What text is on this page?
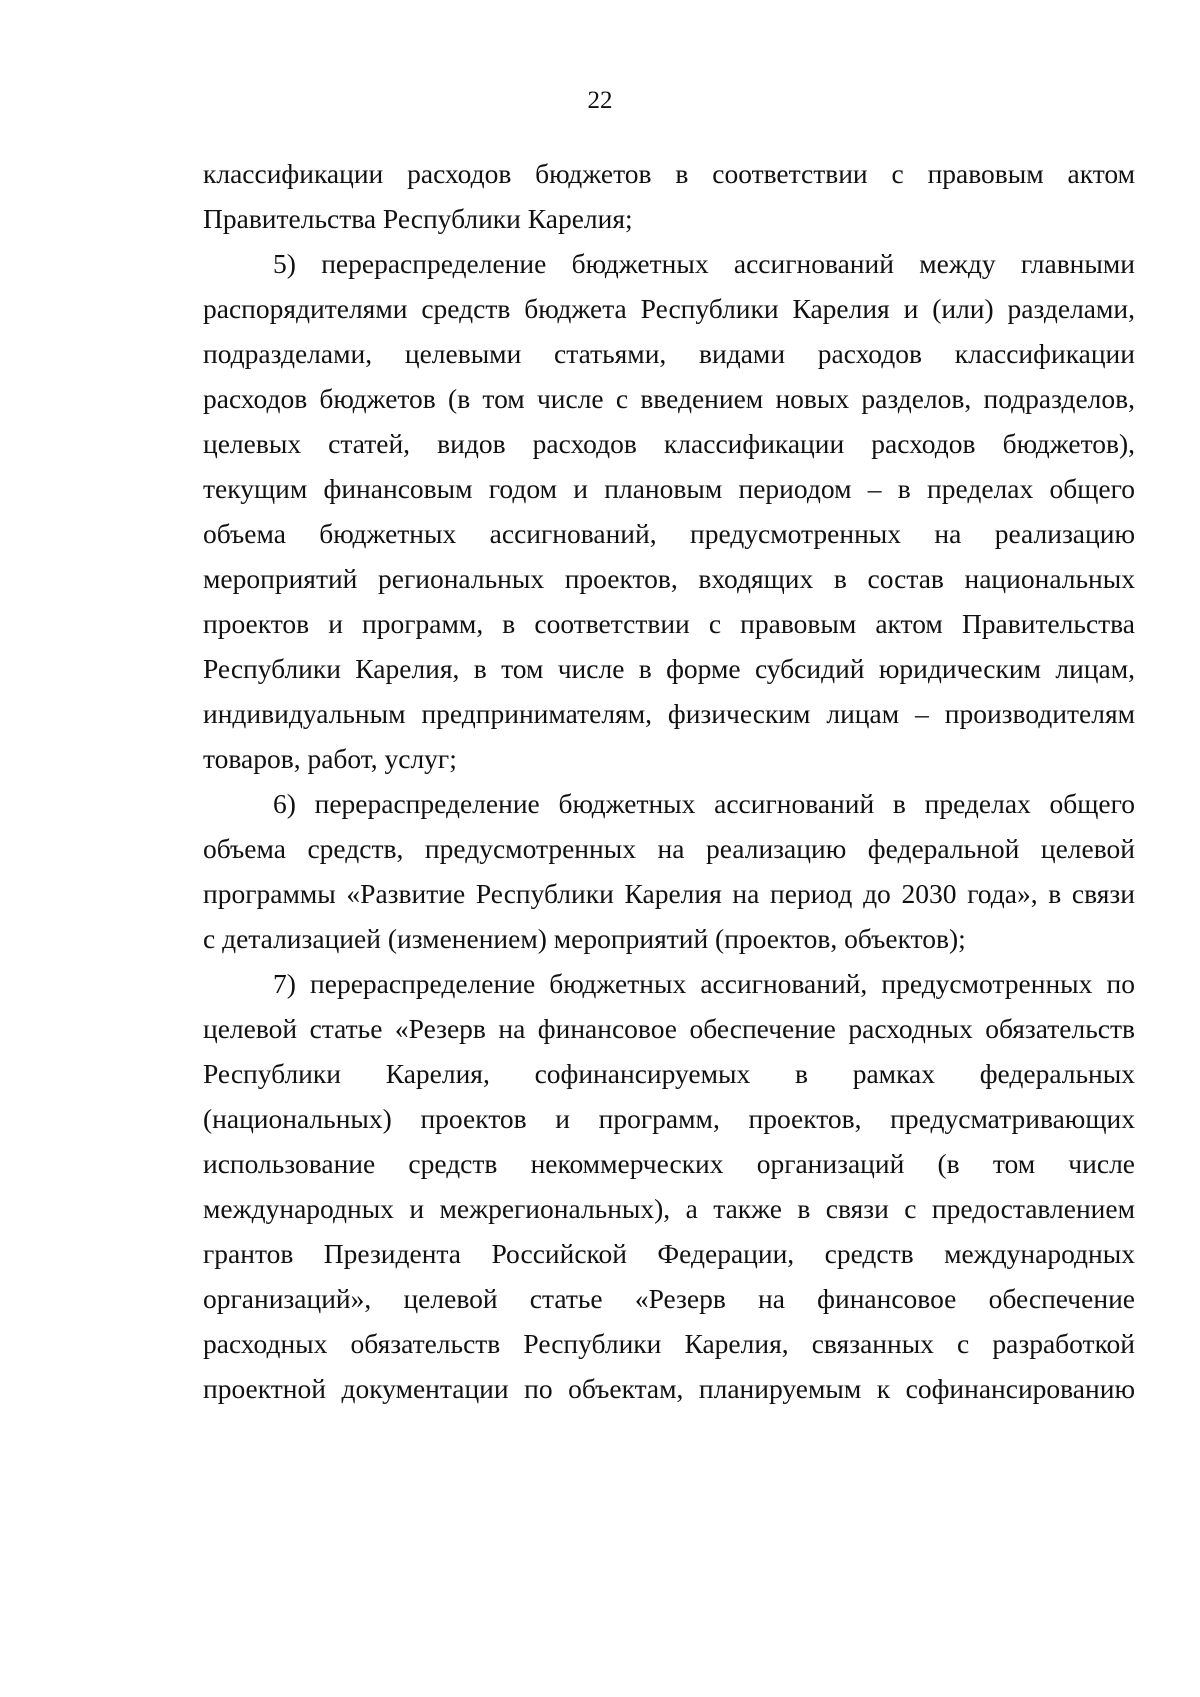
22
классификации расходов бюджетов в соответствии с правовым актом
Правительства Республики Карелия;
5) перераспределение бюджетных ассигнований между главными
распорядителями средств бюджета Республики Карелия и (или) разделами,
подразделами, целевыми статьями, видами расходов классификации
расходов бюджетов (в том числе с введением новых разделов, подразделов,
целевых статей, видов расходов классификации расходов бюджетов),
текущим финансовым годом и плановым периодом – в пределах общего
объема бюджетных ассигнований, предусмотренных на реализацию
мероприятий региональных проектов, входящих в состав национальных
проектов и программ, в соответствии с правовым актом Правительства
Республики Карелия, в том числе в форме субсидий юридическим лицам,
индивидуальным предпринимателям, физическим лицам – производителям
товаров, работ, услуг;
6) перераспределение бюджетных ассигнований в пределах общего
объема средств, предусмотренных на реализацию федеральной целевой
программы «Развитие Республики Карелия на период до 2030 года», в связи
с детализацией (изменением) мероприятий (проектов, объектов);
7) перераспределение бюджетных ассигнований, предусмотренных по
целевой статье «Резерв на финансовое обеспечение расходных обязательств
Республики Карелия, софинансируемых в рамках федеральных
(национальных) проектов и программ, проектов, предусматривающих
использование средств некоммерческих организаций (в том числе
международных и межрегиональных), а также в связи с предоставлением
грантов Президента Российской Федерации, средств международных
организаций», целевой статье «Резерв на финансовое обеспечение
расходных обязательств Республики Карелия, связанных с разработкой
проектной документации по объектам, планируемым к софинансированию
